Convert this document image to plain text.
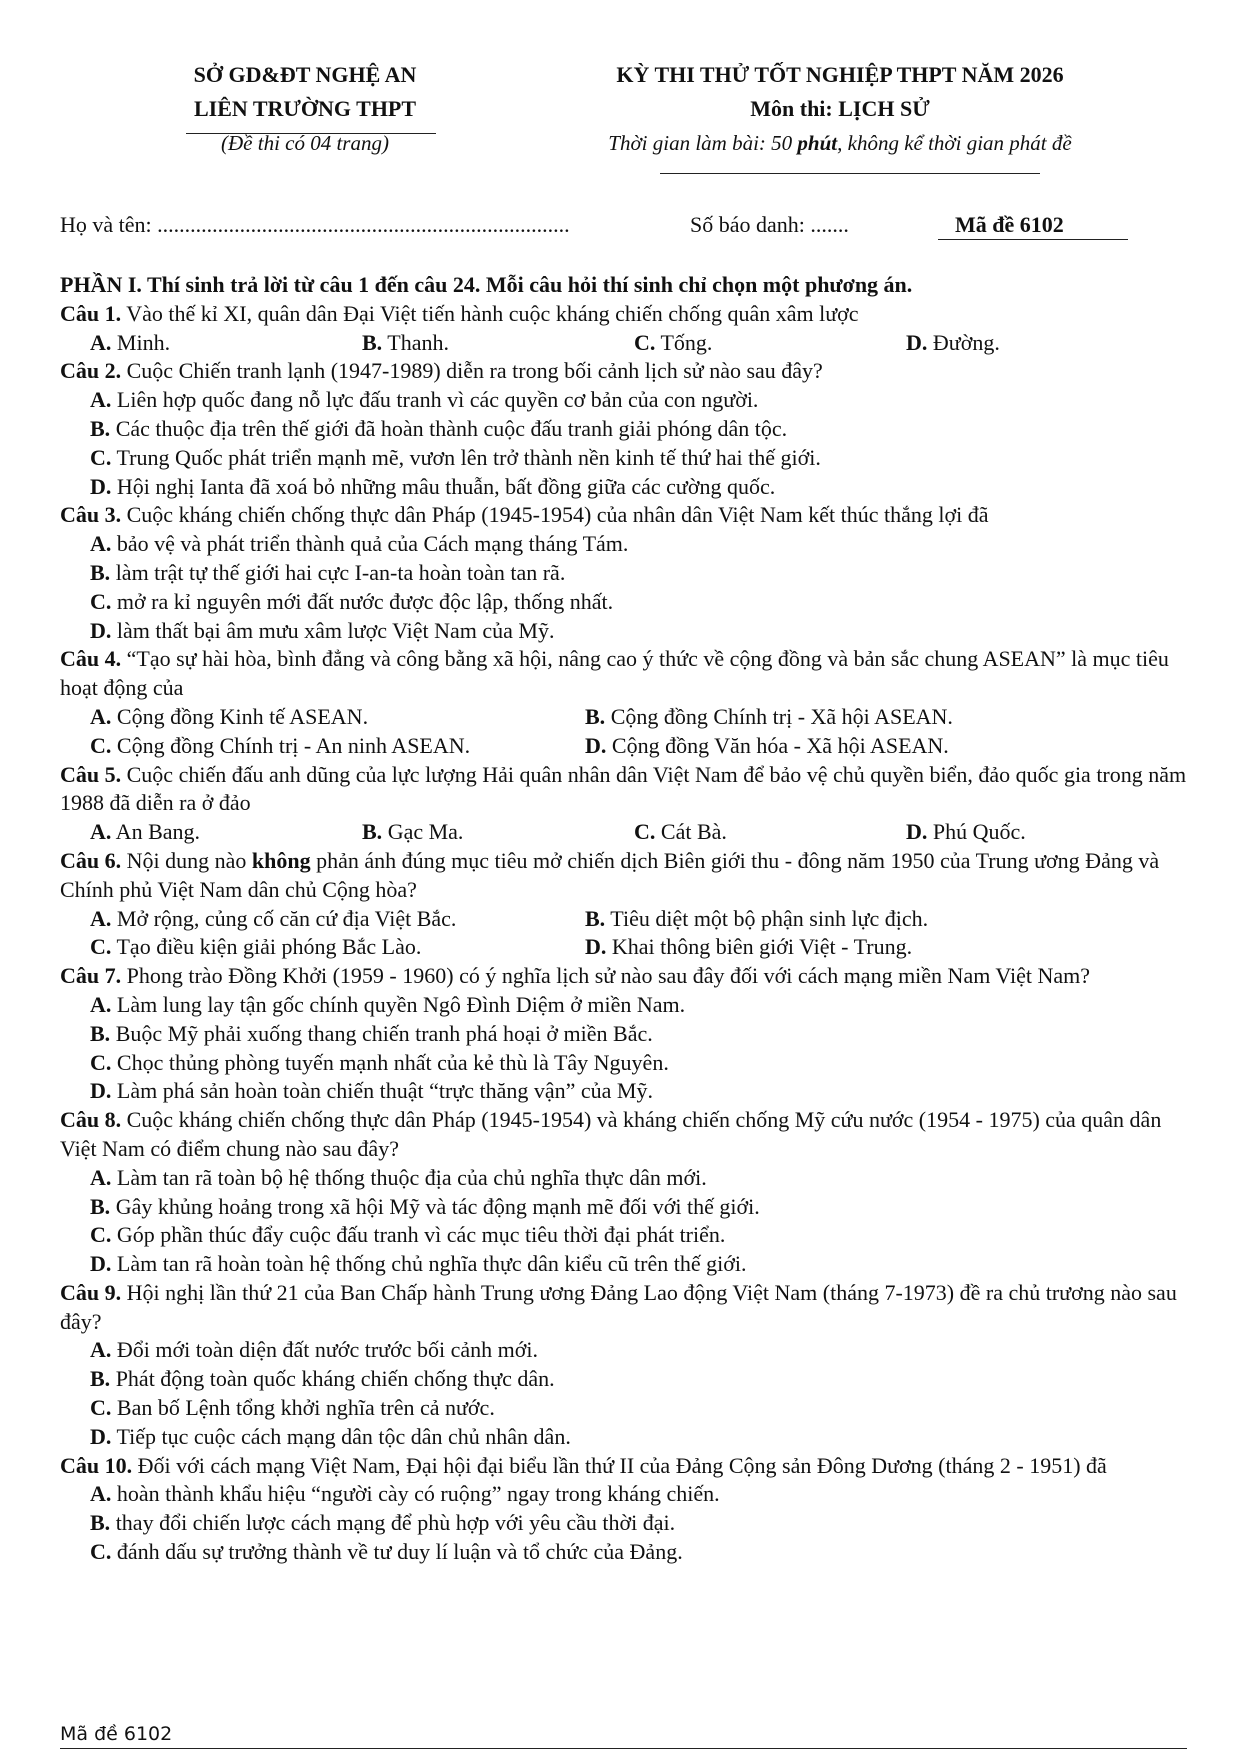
SỞ GD&ĐT NGHỆ AN
LIÊN TRƯỜNG THPT
(Đề thi có 04 trang)
KỲ THI THỬ TỐT NGHIỆP THPT NĂM 2026
Môn thi: LỊCH SỬ
Thời gian làm bài: 50 phút, không kể thời gian phát đề
Họ và tên: ...........................................................................	Số báo danh: .......	Mã đề 6102
PHẦN I. Thí sinh trả lời từ câu 1 đến câu 24. Mỗi câu hỏi thí sinh chỉ chọn một phương án.
Câu 1. Vào thế kỉ XI, quân dân Đại Việt tiến hành cuộc kháng chiến chống quân xâm lược
A. Minh.	B. Thanh.	C. Tống.	D. Đường.
Câu 2. Cuộc Chiến tranh lạnh (1947-1989) diễn ra trong bối cảnh lịch sử nào sau đây?
A. Liên hợp quốc đang nỗ lực đấu tranh vì các quyền cơ bản của con người.
B. Các thuộc địa trên thế giới đã hoàn thành cuộc đấu tranh giải phóng dân tộc.
C. Trung Quốc phát triển mạnh mẽ, vươn lên trở thành nền kinh tế thứ hai thế giới.
D. Hội nghị Ianta đã xoá bỏ những mâu thuẫn, bất đồng giữa các cường quốc.
Câu 3. Cuộc kháng chiến chống thực dân Pháp (1945-1954) của nhân dân Việt Nam kết thúc thắng lợi đã
A. bảo vệ và phát triển thành quả của Cách mạng tháng Tám.
B. làm trật tự thế giới hai cực I-an-ta hoàn toàn tan rã.
C. mở ra kỉ nguyên mới đất nước được độc lập, thống nhất.
D. làm thất bại âm mưu xâm lược Việt Nam của Mỹ.
Câu 4. “Tạo sự hài hòa, bình đẳng và công bằng xã hội, nâng cao ý thức về cộng đồng và bản sắc chung ASEAN” là mục tiêu hoạt động của
A. Cộng đồng Kinh tế ASEAN.	B. Cộng đồng Chính trị - Xã hội ASEAN.
C. Cộng đồng Chính trị - An ninh ASEAN.	D. Cộng đồng Văn hóa - Xã hội ASEAN.
Câu 5. Cuộc chiến đấu anh dũng của lực lượng Hải quân nhân dân Việt Nam để bảo vệ chủ quyền biển, đảo quốc gia trong năm 1988 đã diễn ra ở đảo
A. An Bang.	B. Gạc Ma.	C. Cát Bà.	D. Phú Quốc.
Câu 6. Nội dung nào không phản ánh đúng mục tiêu mở chiến dịch Biên giới thu - đông năm 1950 của Trung ương Đảng và Chính phủ Việt Nam dân chủ Cộng hòa?
A. Mở rộng, củng cố căn cứ địa Việt Bắc.	B. Tiêu diệt một bộ phận sinh lực địch.
C. Tạo điều kiện giải phóng Bắc Lào.	D. Khai thông biên giới Việt - Trung.
Câu 7. Phong trào Đồng Khởi (1959 - 1960) có ý nghĩa lịch sử nào sau đây đối với cách mạng miền Nam Việt Nam?
A. Làm lung lay tận gốc chính quyền Ngô Đình Diệm ở miền Nam.
B. Buộc Mỹ phải xuống thang chiến tranh phá hoại ở miền Bắc.
C. Chọc thủng phòng tuyến mạnh nhất của kẻ thù là Tây Nguyên.
D. Làm phá sản hoàn toàn chiến thuật “trực thăng vận” của Mỹ.
Câu 8. Cuộc kháng chiến chống thực dân Pháp (1945-1954) và kháng chiến chống Mỹ cứu nước (1954 - 1975) của quân dân Việt Nam có điểm chung nào sau đây?
A. Làm tan rã toàn bộ hệ thống thuộc địa của chủ nghĩa thực dân mới.
B. Gây khủng hoảng trong xã hội Mỹ và tác động mạnh mẽ đối với thế giới.
C. Góp phần thúc đẩy cuộc đấu tranh vì các mục tiêu thời đại phát triển.
D. Làm tan rã hoàn toàn hệ thống chủ nghĩa thực dân kiểu cũ trên thế giới.
Câu 9. Hội nghị lần thứ 21 của Ban Chấp hành Trung ương Đảng Lao động Việt Nam (tháng 7-1973) đề ra chủ trương nào sau đây?
A. Đổi mới toàn diện đất nước trước bối cảnh mới.
B. Phát động toàn quốc kháng chiến chống thực dân.
C. Ban bố Lệnh tổng khởi nghĩa trên cả nước.
D. Tiếp tục cuộc cách mạng dân tộc dân chủ nhân dân.
Câu 10. Đối với cách mạng Việt Nam, Đại hội đại biểu lần thứ II của Đảng Cộng sản Đông Dương (tháng 2 - 1951) đã
A. hoàn thành khẩu hiệu “người cày có ruộng” ngay trong kháng chiến.
B. thay đổi chiến lược cách mạng để phù hợp với yêu cầu thời đại.
C. đánh dấu sự trưởng thành về tư duy lí luận và tổ chức của Đảng.
Mã đề 6102
